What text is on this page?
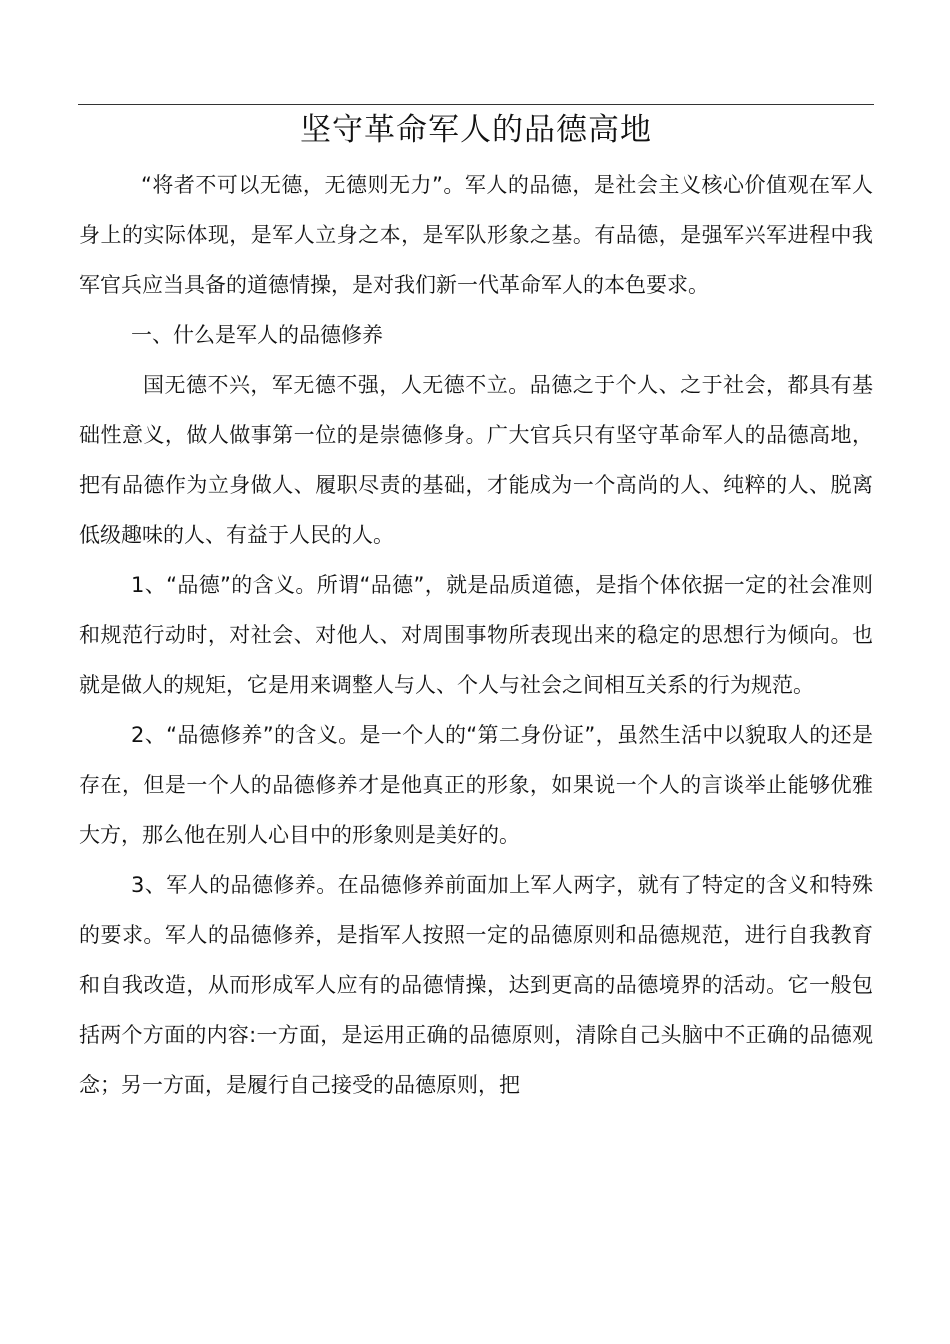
坚守革命军人的品德高地

“将者不可以无德，无德则无力”。军人的品德，是社会主义核心价值观在军人身上的实际体现，是军人立身之本，是军队形象之基。有品德，是强军兴军进程中我军官兵应当具备的道德情操，是对我们新一代革命军人的本色要求。

一、什么是军人的品德修养

国无德不兴，军无德不强，人无德不立。品德之于个人、之于社会，都具有基础性意义，做人做事第一位的是崇德修身。广大官兵只有坚守革命军人的品德高地，把有品德作为立身做人、履职尽责的基础，才能成为一个高尚的人、纯粹的人、脱离低级趣味的人、有益于人民的人。

1、“品德”的含义。所谓“品德”，就是品质道德，是指个体依据一定的社会准则和规范行动时，对社会、对他人、对周围事物所表现出来的稳定的思想行为倾向。也就是做人的规矩，它是用来调整人与人、个人与社会之间相互关系的行为规范。

2、“品德修养”的含义。是一个人的“第二身份证”，虽然生活中以貌取人的还是存在，但是一个人的品德修养才是他真正的形象，如果说一个人的言谈举止能够优雅大方，那么他在别人心目中的形象则是美好的。

3、军人的品德修养。在品德修养前面加上军人两字，就有了特定的含义和特殊的要求。军人的品德修养，是指军人按照一定的品德原则和品德规范，进行自我教育和自我改造，从而形成军人应有的品德情操，达到更高的品德境界的活动。它一般包括两个方面的内容:一方面，是运用正确的品德原则，清除自己头脑中不正确的品德观念；另一方面，是履行自己接受的品德原则，把
